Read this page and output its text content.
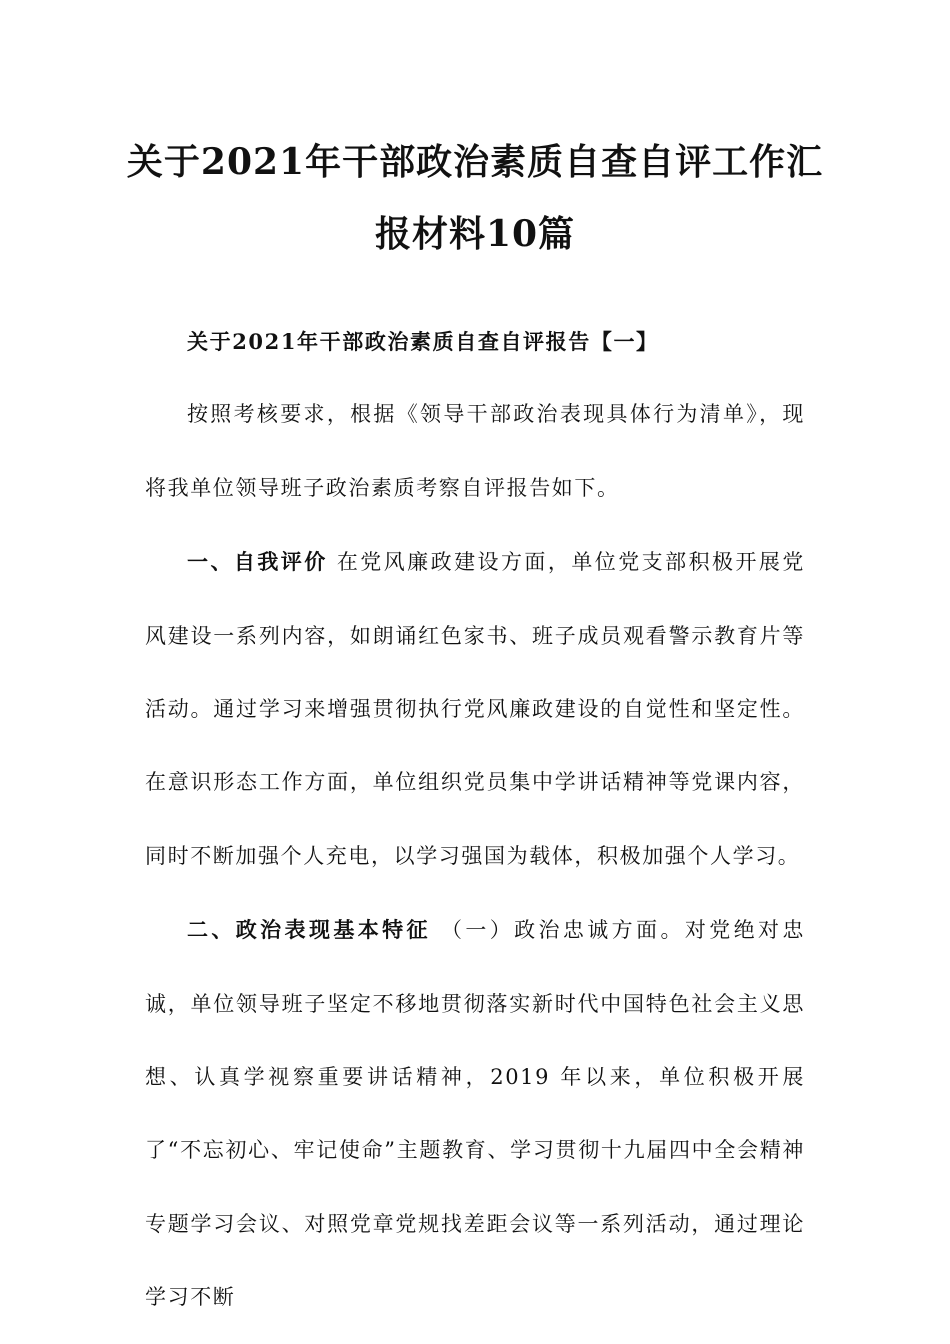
关于2021年干部政治素质自查自评工作汇
报材料10篇

关于2021年干部政治素质自查自评报告【一】

按照考核要求，根据《领导干部政治表现具体行为清单》，现将我单位领导班子政治素质考察自评报告如下。

一、自我评价 在党风廉政建设方面，单位党支部积极开展党风建设一系列内容，如朗诵红色家书、班子成员观看警示教育片等活动。通过学习来增强贯彻执行党风廉政建设的自觉性和坚定性。在意识形态工作方面，单位组织党员集中学讲话精神等党课内容，同时不断加强个人充电，以学习强国为载体，积极加强个人学习。

二、政治表现基本特征 （一）政治忠诚方面。对党绝对忠诚，单位领导班子坚定不移地贯彻落实新时代中国特色社会主义思想、认真学视察重要讲话精神，2019 年以来，单位积极开展了“不忘初心、牢记使命”主题教育、学习贯彻十九届四中全会精神专题学习会议、对照党章党规找差距会议等一系列活动，通过理论学习不断
